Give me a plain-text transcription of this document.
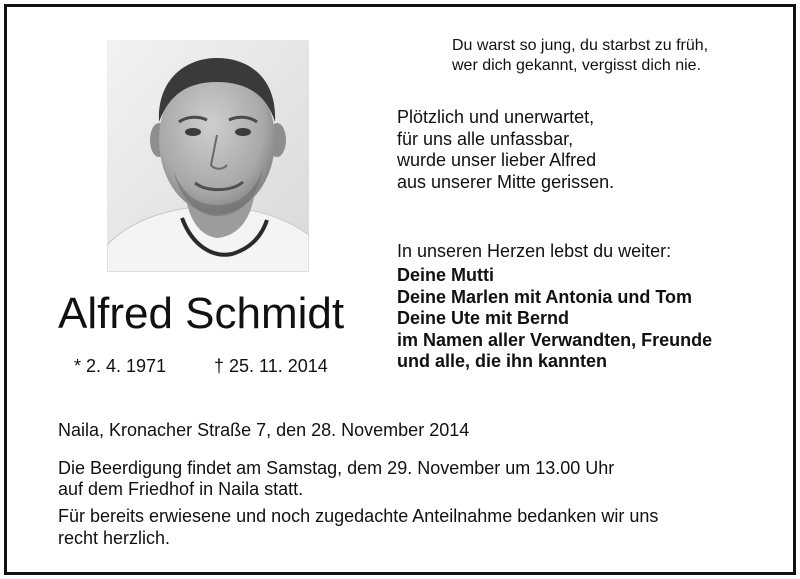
Alfred Schmidt
* 2. 4. 1971	† 25. 11. 2014
Du warst so jung, du starbst zu früh,
wer dich gekannt, vergisst dich nie.
Plötzlich und unerwartet,
für uns alle unfassbar,
wurde unser lieber Alfred
aus unserer Mitte gerissen.
In unseren Herzen lebst du weiter:
Deine Mutti
Deine Marlen mit Antonia und Tom
Deine Ute mit Bernd
im Namen aller Verwandten, Freunde
und alle, die ihn kannten
Naila, Kronacher Straße 7, den 28. November 2014
Die Beerdigung findet am Samstag, dem 29. November um 13.00 Uhr
auf dem Friedhof in Naila statt.
Für bereits erwiesene und noch zugedachte Anteilnahme bedanken wir uns
recht herzlich.
